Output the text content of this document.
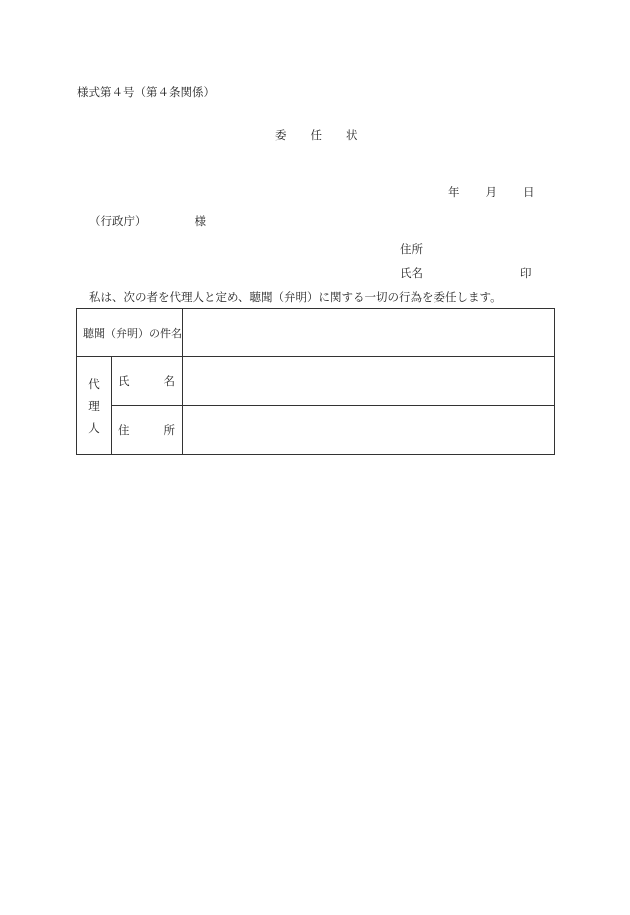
様式第４号（第４条関係）
委 任 状
年 月 日
（行政庁）	様
住所
氏名	印
私は、次の者を代理人と定め、聴聞（弁明）に関する一切の行為を委任します。
聴聞（弁明）の件名		

代
理
人	氏 名	

	住 所	
